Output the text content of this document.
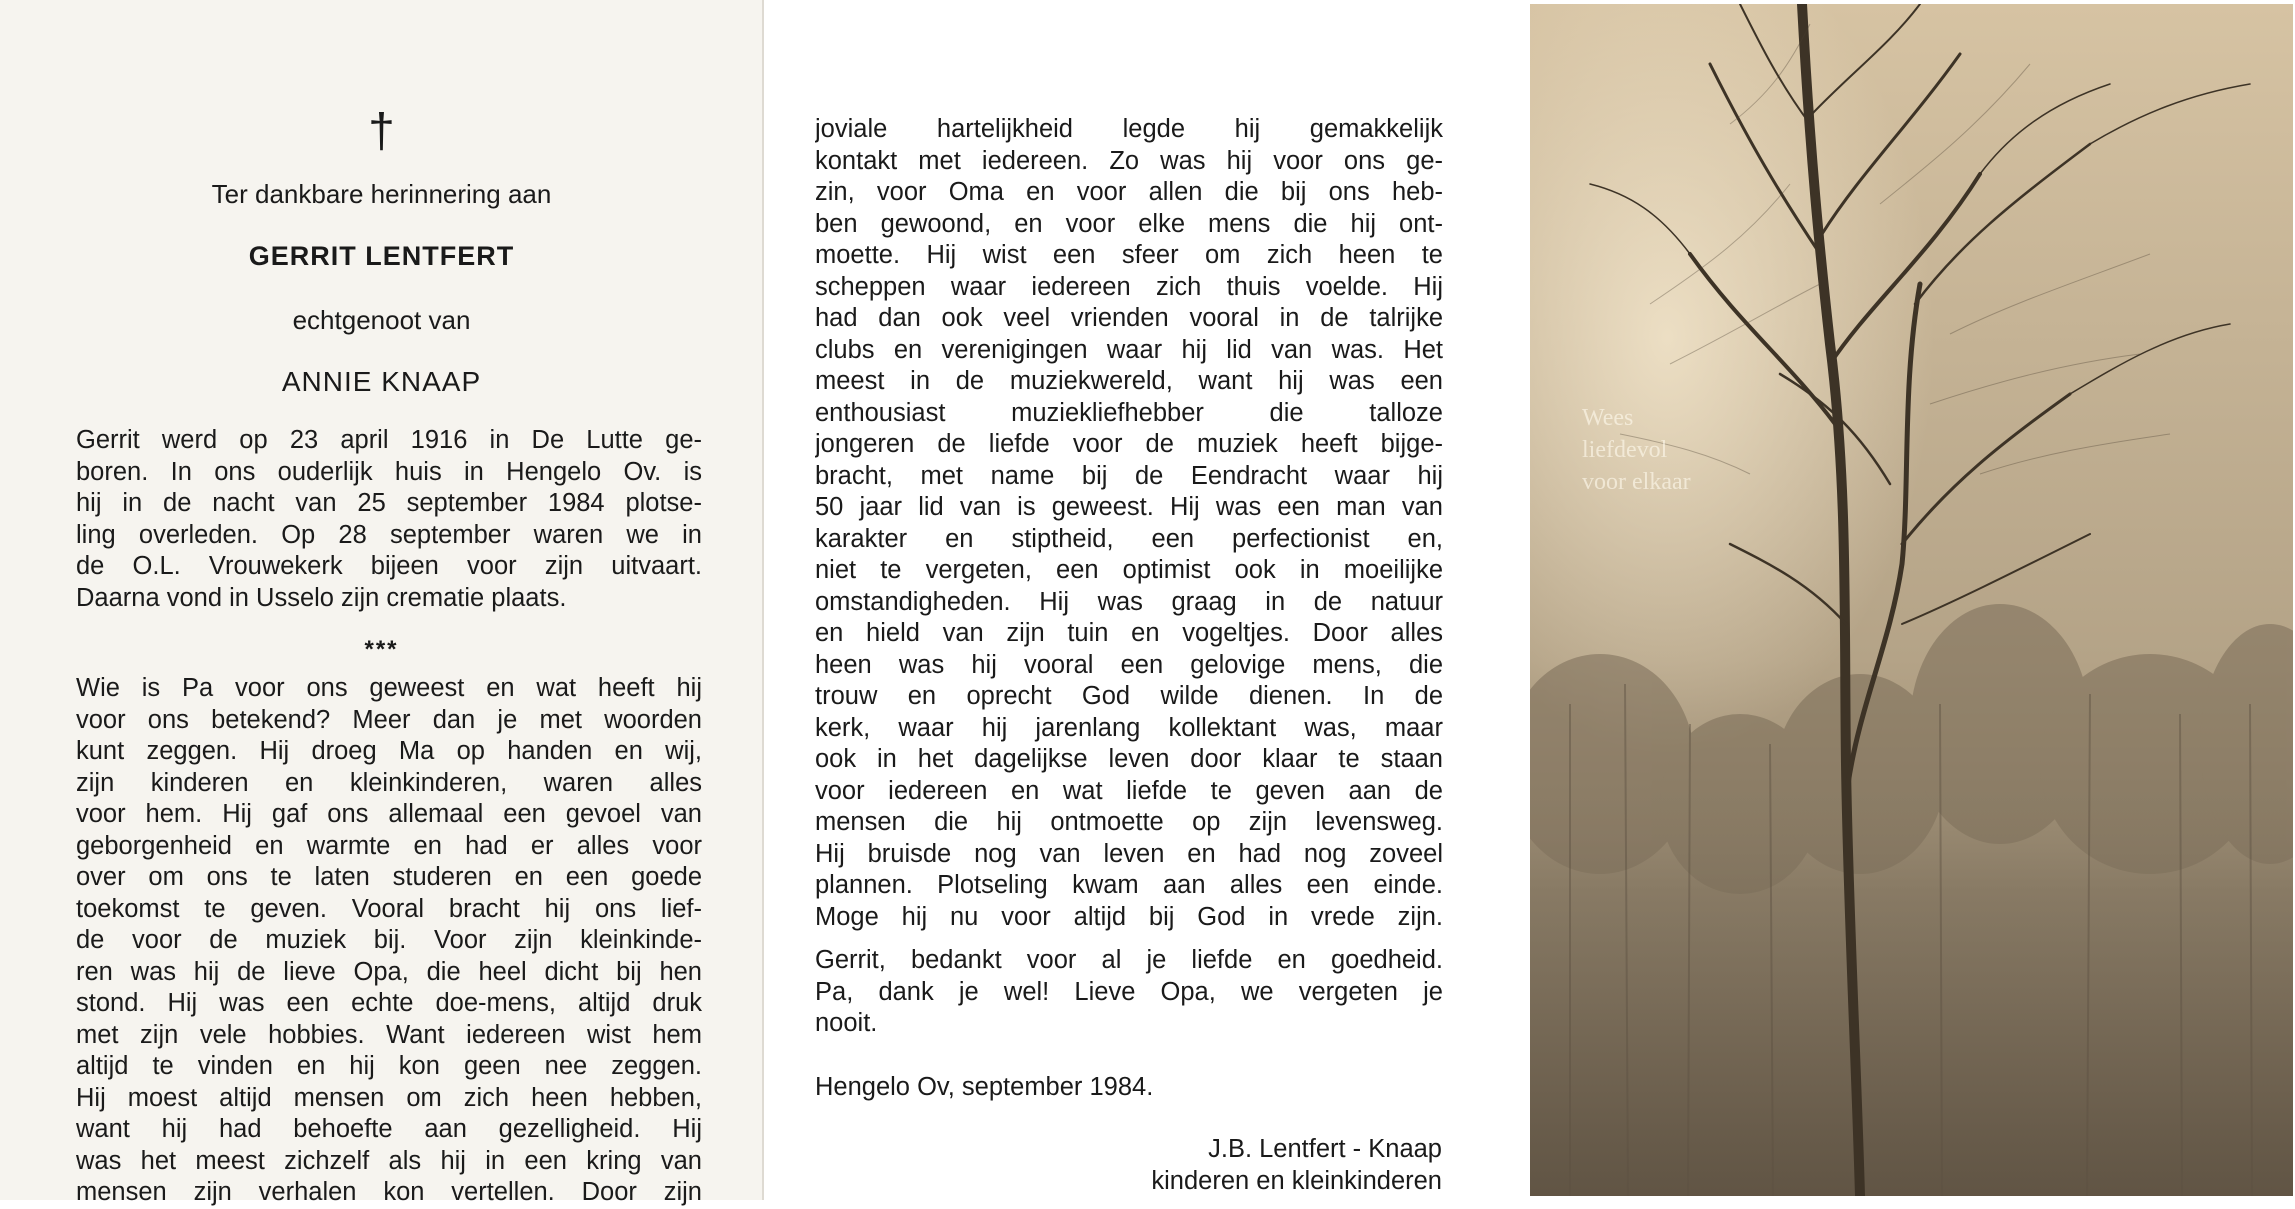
†
Ter dankbare herinnering aan
GERRIT LENTFERT
echtgenoot van
ANNIE KNAAP
Gerrit werd op 23 april 1916 in De Lutte ge-
boren. In ons ouderlijk huis in Hengelo Ov. is
hij in de nacht van 25 september 1984 plotse-
ling overleden. Op 28 september waren we in
de O.L. Vrouwekerk bijeen voor zijn uitvaart.
Daarna vond in Usselo zijn crematie plaats.
***
Wie is Pa voor ons geweest en wat heeft hij
voor ons betekend? Meer dan je met woorden
kunt zeggen. Hij droeg Ma op handen en wij,
zijn kinderen en kleinkinderen, waren alles
voor hem. Hij gaf ons allemaal een gevoel van
geborgenheid en warmte en had er alles voor
over om ons te laten studeren en een goede
toekomst te geven. Vooral bracht hij ons lief-
de voor de muziek bij. Voor zijn kleinkinde-
ren was hij de lieve Opa, die heel dicht bij hen
stond. Hij was een echte doe-mens, altijd druk
met zijn vele hobbies. Want iedereen wist hem
altijd te vinden en hij kon geen nee zeggen.
Hij moest altijd mensen om zich heen hebben,
want hij had behoefte aan gezelligheid. Hij
was het meest zichzelf als hij in een kring van
mensen zijn verhalen kon vertellen. Door zijn
joviale hartelijkheid legde hij gemakkelijk
kontakt met iedereen. Zo was hij voor ons ge-
zin, voor Oma en voor allen die bij ons heb-
ben gewoond, en voor elke mens die hij ont-
moette. Hij wist een sfeer om zich heen te
scheppen waar iedereen zich thuis voelde. Hij
had dan ook veel vrienden vooral in de talrijke
clubs en verenigingen waar hij lid van was. Het
meest in de muziekwereld, want hij was een
enthousiast muziekliefhebber die talloze
jongeren de liefde voor de muziek heeft bijge-
bracht, met name bij de Eendracht waar hij
50 jaar lid van is geweest. Hij was een man van
karakter en stiptheid, een perfectionist en,
niet te vergeten, een optimist ook in moeilijke
omstandigheden. Hij was graag in de natuur
en hield van zijn tuin en vogeltjes. Door alles
heen was hij vooral een gelovige mens, die
trouw en oprecht God wilde dienen. In de
kerk, waar hij jarenlang kollektant was, maar
ook in het dagelijkse leven door klaar te staan
voor iedereen en wat liefde te geven aan de
mensen die hij ontmoette op zijn levensweg.
Hij bruisde nog van leven en had nog zoveel
plannen. Plotseling kwam aan alles een einde.
Moge hij nu voor altijd bij God in vrede zijn.
Gerrit, bedankt voor al je liefde en goedheid.
Pa, dank je wel! Lieve Opa, we vergeten je
nooit.
Hengelo Ov, september 1984.
J.B. Lentfert - Knaap
kinderen en kleinkinderen
Wees
liefdevol
voor elkaar
